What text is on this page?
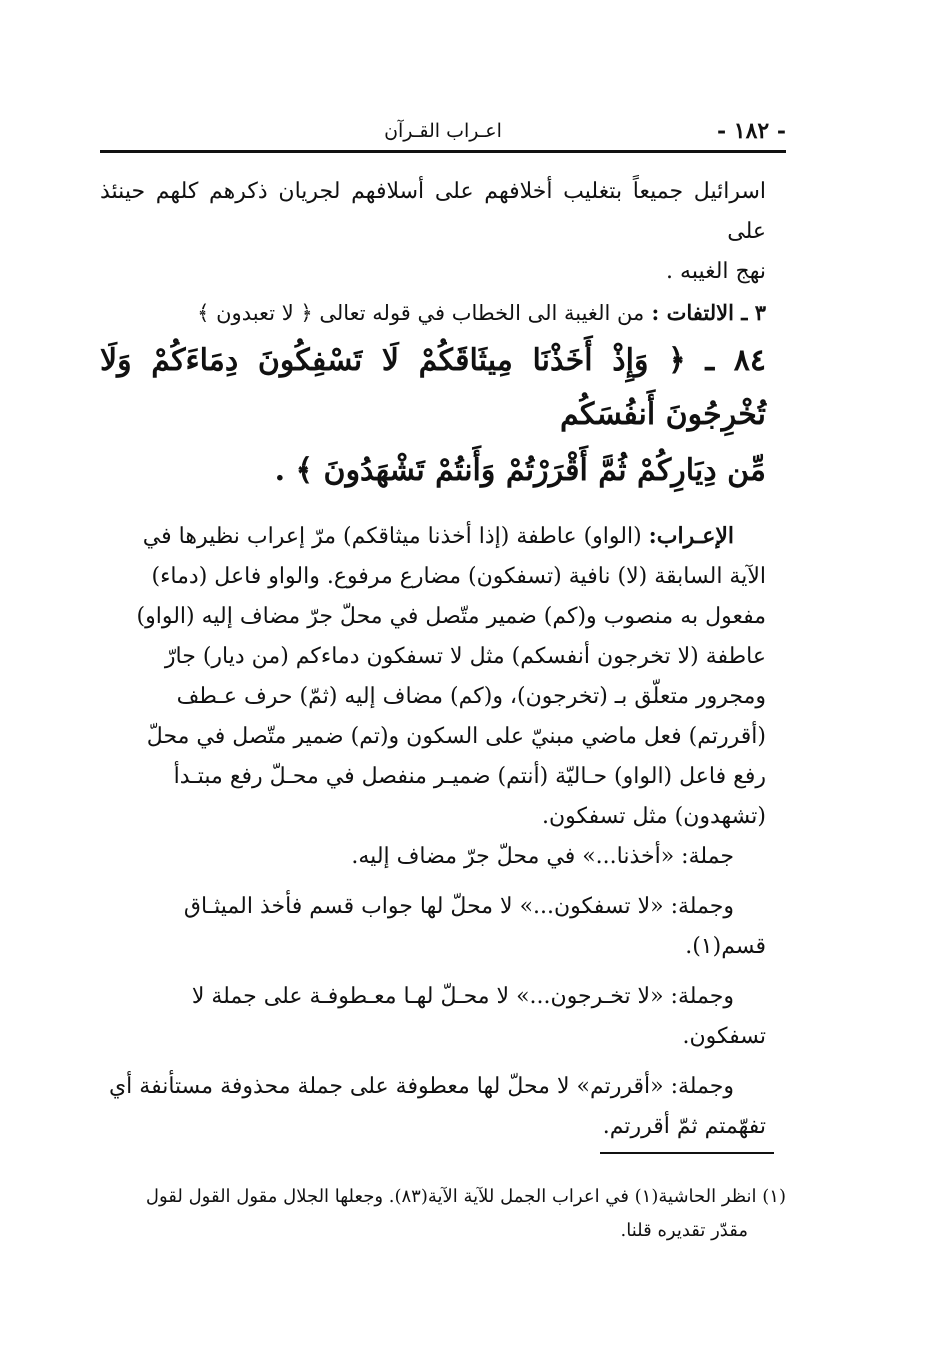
- ١٨٢ -
اعـراب القـرآن

اسرائيل جميعاً بتغليب أخلافهم على أسلافهم لجريان ذكرهم كلهم حينئذ على

نهج الغيبه .

٣ ـ الالتفات : من الغيبة الى الخطاب في قوله تعالى ﴿ لا تعبدون ﴾

٨٤ ـ ﴿ وَإِذْ أَخَذْنَا مِيثَاقَكُمْ لَا تَسْفِكُونَ دِمَاءَكُمْ وَلَا تُخْرِجُونَ أَنفُسَكُم

مِّن دِيَارِكُمْ ثُمَّ أَقْرَرْتُمْ وَأَنتُمْ تَشْهَدُونَ ﴾ .

الإعـراب: (الواو) عاطفة (إذا أخذنا ميثاقكم) مرّ إعراب نظيرها في

الآية السابقة (لا) نافية (تسفكون) مضارع مرفوع. والواو فاعل (دماء)

مفعول به منصوب و(كم) ضمير متّصل في محلّ جرّ مضاف إليه (الواو)

عاطفة (لا تخرجون أنفسكم) مثل لا تسفكون دماءكم (من ديار) جارّ

ومجرور متعلّق بـ (تخرجون)، و(كم) مضاف إليه (ثمّ) حرف عـطف

(أقررتم) فعل ماضي مبنيّ على السكون و(تم) ضمير متّصل في محلّ

رفع فاعل (الواو) حـاليّة (أنتم) ضميـر منفصل في محـلّ رفع مبتـدأ

(تشهدون) مثل تسفكون.

جملة: «أخذنا...» في محلّ جرّ مضاف إليه.

وجملة: «لا تسفكون...» لا محلّ لها جواب قسم فأخذ الميثـاق

قسم(١).

وجملة: «لا تخـرجون...» لا محـلّ لهـا معـطوفـة على جملة لا

تسفكون.

وجملة: «أقررتم» لا محلّ لها معطوفة على جملة محذوفة مستأنفة أي

تفهّمتم ثمّ أقررتم.

(١) انظر الحاشية(١) في اعراب الجمل للآية الآية(٨٣). وجعلها الجلال مقول القول لقول
مقدّر تقديره قلنا.
